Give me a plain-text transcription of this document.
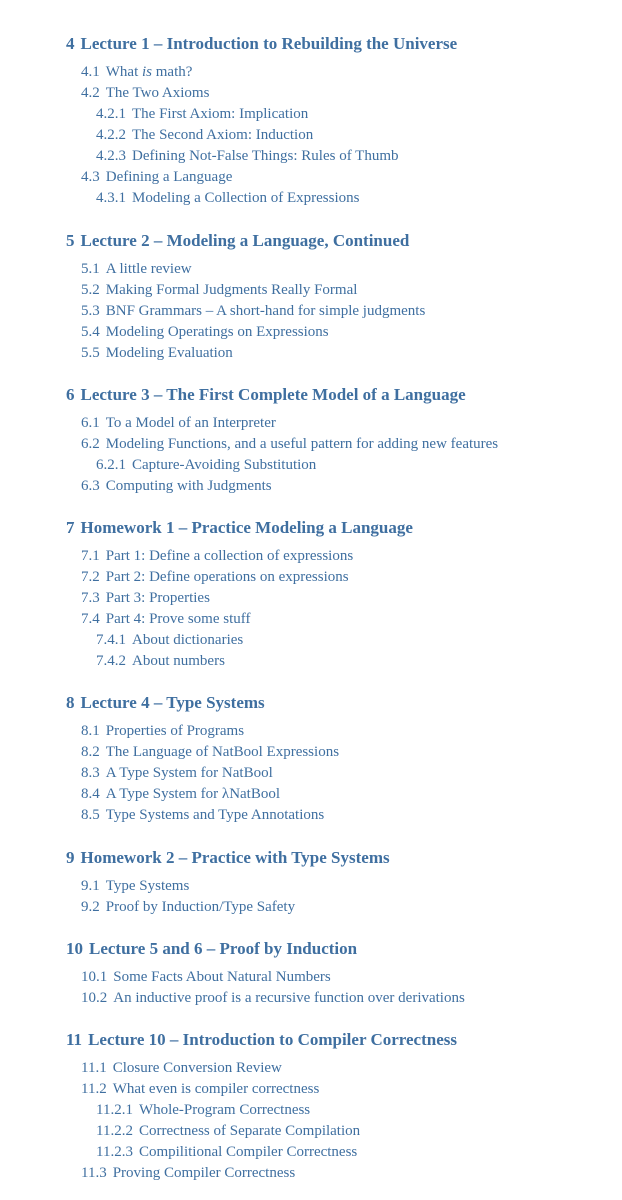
4 Lecture 1 – Introduction to Rebuilding the Universe
4.1 What is math?
4.2 The Two Axioms
4.2.1 The First Axiom: Implication
4.2.2 The Second Axiom: Induction
4.2.3 Defining Not-False Things: Rules of Thumb
4.3 Defining a Language
4.3.1 Modeling a Collection of Expressions
5 Lecture 2 – Modeling a Language, Continued
5.1 A little review
5.2 Making Formal Judgments Really Formal
5.3 BNF Grammars – A short-hand for simple judgments
5.4 Modeling Operatings on Expressions
5.5 Modeling Evaluation
6 Lecture 3 – The First Complete Model of a Language
6.1 To a Model of an Interpreter
6.2 Modeling Functions, and a useful pattern for adding new features
6.2.1 Capture-Avoiding Substitution
6.3 Computing with Judgments
7 Homework 1 – Practice Modeling a Language
7.1 Part 1: Define a collection of expressions
7.2 Part 2: Define operations on expressions
7.3 Part 3: Properties
7.4 Part 4: Prove some stuff
7.4.1 About dictionaries
7.4.2 About numbers
8 Lecture 4 – Type Systems
8.1 Properties of Programs
8.2 The Language of NatBool Expressions
8.3 A Type System for NatBool
8.4 A Type System for λNatBool
8.5 Type Systems and Type Annotations
9 Homework 2 – Practice with Type Systems
9.1 Type Systems
9.2 Proof by Induction/Type Safety
10 Lecture 5 and 6 – Proof by Induction
10.1 Some Facts About Natural Numbers
10.2 An inductive proof is a recursive function over derivations
11 Lecture 10 – Introduction to Compiler Correctness
11.1 Closure Conversion Review
11.2 What even is compiler correctness
11.2.1 Whole-Program Correctness
11.2.2 Correctness of Separate Compilation
11.2.3 Compilitional Compiler Correctness
11.3 Proving Compiler Correctness
